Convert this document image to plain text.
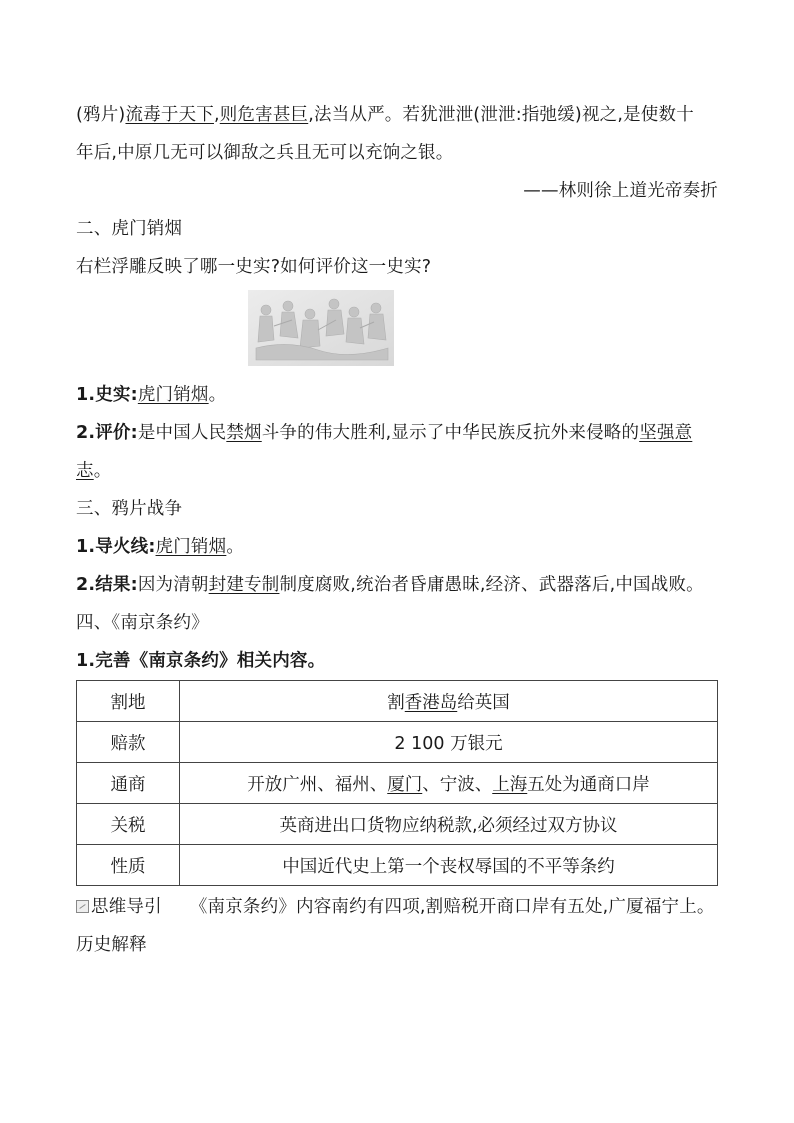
(鸦片)流毒于天下,则危害甚巨,法当从严。若犹泄泄(泄泄:指弛缓)视之,是使数十
年后,中原几无可以御敌之兵且无可以充饷之银。
——林则徐上道光帝奏折
二、虎门销烟
右栏浮雕反映了哪一史实?如何评价这一史实?
1.史实:虎门销烟。
2.评价:是中国人民禁烟斗争的伟大胜利,显示了中华民族反抗外来侵略的坚强意
志。
三、鸦片战争
1.导火线:虎门销烟。
2.结果:因为清朝封建专制制度腐败,统治者昏庸愚昧,经济、武器落后,中国战败。
四、《南京条约》
1.完善《南京条约》相关内容。
割地	割香港岛给英国
赔款	2 100 万银元
通商	开放广州、福州、厦门、宁波、上海五处为通商口岸
关税	英商进出口货物应纳税款,必须经过双方协议
性质	中国近代史上第一个丧权辱国的不平等条约
思维导引 《南京条约》内容南约有四项,割赔税开商口岸有五处,广厦福宁上。
历史解释
